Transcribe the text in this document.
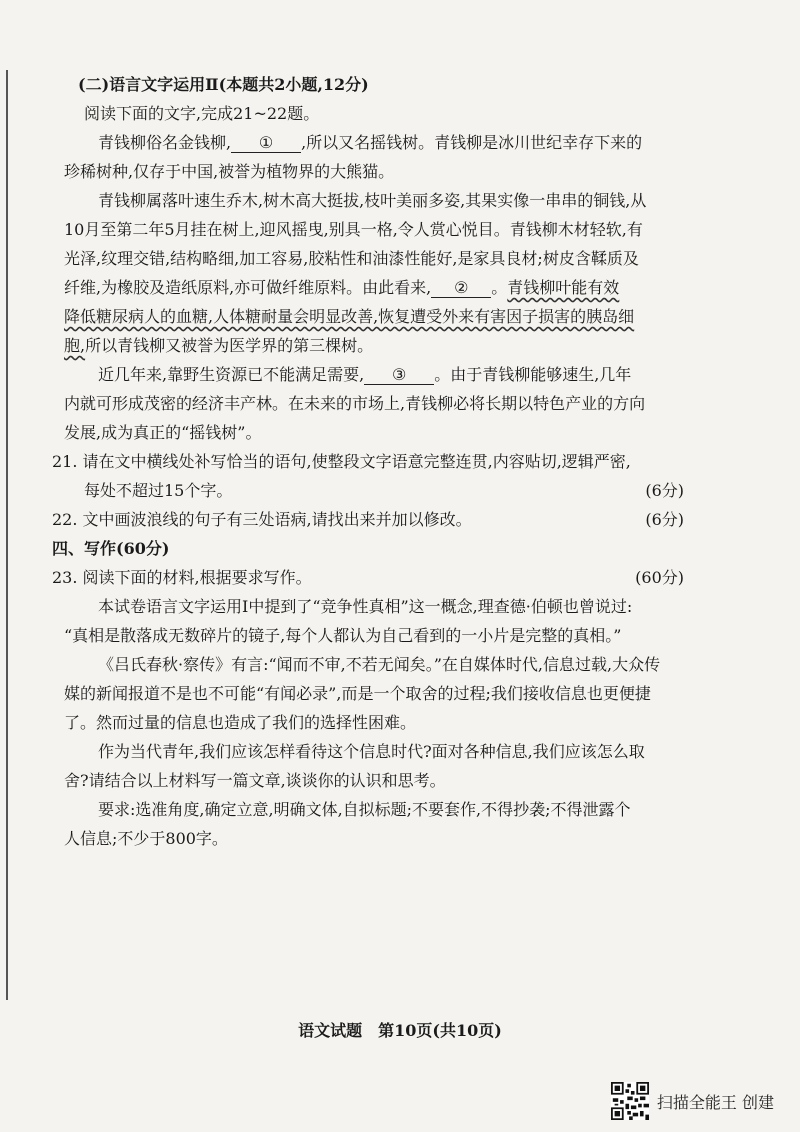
(二)语言文字运用Ⅱ(本题共2小题,12分)
阅读下面的文字,完成21~22题。
青钱柳俗名金钱柳, ① ,所以又名摇钱树。青钱柳是冰川世纪幸存下来的
珍稀树种,仅存于中国,被誉为植物界的大熊猫。
青钱柳属落叶速生乔木,树木高大挺拔,枝叶美丽多姿,其果实像一串串的铜钱,从
10月至第二年5月挂在树上,迎风摇曳,别具一格,令人赏心悦目。青钱柳木材轻软,有
光泽,纹理交错,结构略细,加工容易,胶粘性和油漆性能好,是家具良材;树皮含鞣质及
纤维,为橡胶及造纸原料,亦可做纤维原料。由此看来, ② 。青钱柳叶能有效
降低糖尿病人的血糖,人体糖耐量会明显改善,恢复遭受外来有害因子损害的胰岛细
胞,所以青钱柳又被誉为医学界的第三棵树。
近几年来,靠野生资源已不能满足需要, ③ 。由于青钱柳能够速生,几年
内就可形成茂密的经济丰产林。在未来的市场上,青钱柳必将长期以特色产业的方向
发展,成为真正的“摇钱树”。
21. 请在文中横线处补写恰当的语句,使整段文字语意完整连贯,内容贴切,逻辑严密,
每处不超过15个字。	(6分)
22. 文中画波浪线的句子有三处语病,请找出来并加以修改。	(6分)
四、写作(60分)
23. 阅读下面的材料,根据要求写作。	(60分)
本试卷语言文字运用Ⅰ中提到了“竞争性真相”这一概念,理查德·伯顿也曾说过:
“真相是散落成无数碎片的镜子,每个人都认为自己看到的一小片是完整的真相。”
《吕氏春秋·察传》有言:“闻而不审,不若无闻矣。”在自媒体时代,信息过载,大众传
媒的新闻报道不是也不可能“有闻必录”,而是一个取舍的过程;我们接收信息也更便捷
了。然而过量的信息也造成了我们的选择性困难。
作为当代青年,我们应该怎样看待这个信息时代?面对各种信息,我们应该怎么取
舍?请结合以上材料写一篇文章,谈谈你的认识和思考。
要求:选准角度,确定立意,明确文体,自拟标题;不要套作,不得抄袭;不得泄露个
人信息;不少于800字。
语文试题　第10页(共10页)
扫描全能王 创建
